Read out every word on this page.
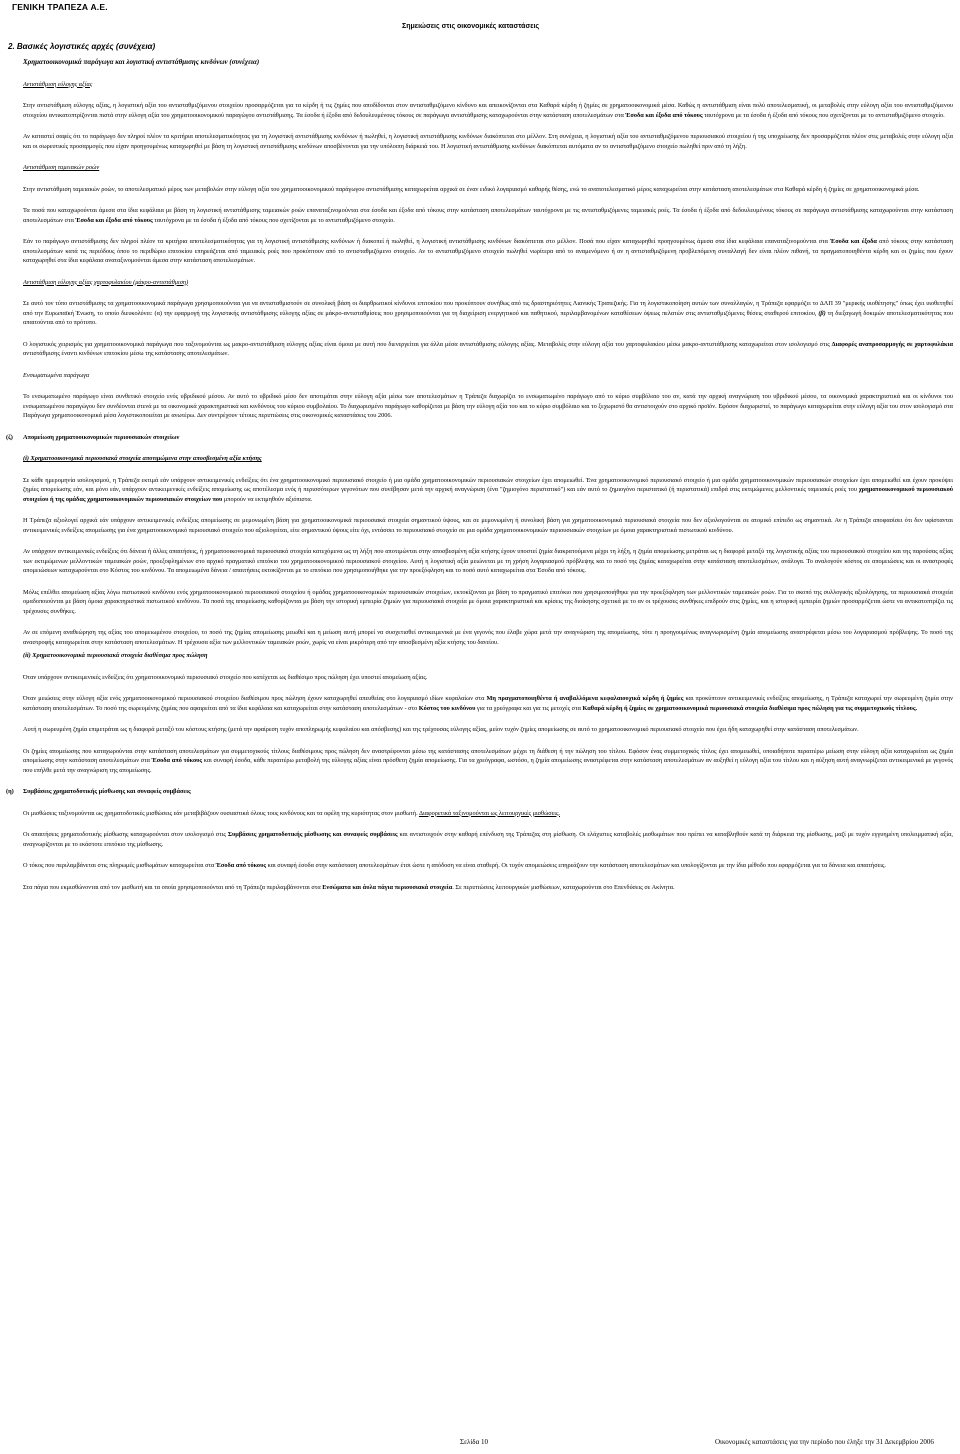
ΓΕΝΙΚΗ ΤΡΑΠΕΖΑ Α.Ε.
Σημειώσεις στις οικονομικές καταστάσεις
2. Βασικές λογιστικές αρχές (συνέχεια)

Χρηματοοικονομικά παράγωγα και λογιστική αντιστάθμισης κινδύνων (συνέχεια)

Αντιστάθμιση εύλογης αξίας

Στην αντιστάθμιση εύλογης αξίας, η λογιστική αξία του αντισταθμιζόμενου στοιχείου προσαρμόζεται για τα κέρδη ή τις ζημίες που αποδίδονται στον αντισταθμιζόμενο κίνδυνο και απεικονίζονται στα Καθαρά κέρδη ή ζημίες σε χρηματοοικονομικά μέσα. Καθώς η αντιστάθμιση είναι πολύ αποτελεσματική, οι μεταβολές στην εύλογη αξία του αντισταθμιζόμενου στοιχείου αντικατοπτρίζονται πιστά στην εύλογη αξία του χρηματοοικονομικού παραγώγου αντιστάθμισης. Τα έσοδα ή έξοδα από δεδουλευμένους τόκους σε παράγωγα αντιστάθμισης καταχωρούνται στην κατάσταση αποτελεσμάτων στα Έσοδα και έξοδα από τόκους ταυτόχρονα με τα έσοδα ή έξοδα από τόκους που σχετίζονται με το αντισταθμιζόμενο στοιχείο.

Αν καταστεί σαφές ότι το παράγωγο δεν πληροί πλέον τα κριτήρια αποτελεσματικότητας για τη λογιστική αντιστάθμισης κινδύνων ή πωληθεί, η λογιστική αντιστάθμισης κινδύνων διακόπτεται στο μέλλον. Στη συνέχεια, η λογιστική αξία του αντισταθμιζόμενου περιουσιακού στοιχείου ή της υποχρέωσης δεν προσαρμόζεται πλέον στις μεταβολές στην εύλογη αξία και οι σωρευτικές προσαρμογές που είχαν προηγουμένως καταχωρηθεί με βάση τη λογιστική αντιστάθμισης κινδύνων αποσβένονται για την υπόλοιπη διάρκειά του. Η λογιστική αντιστάθμισης κινδύνων διακόπτεται αυτόματα αν το αντισταθμιζόμενο στοιχείο πωληθεί πριν από τη λήξη.

Αντιστάθμιση ταμειακών ροών

Στην αντιστάθμιση ταμειακών ροών, το αποτελεσματικό μέρος των μεταβολών στην εύλογη αξία του χρηματοοικονομικού παράγωγου αντιστάθμισης καταχωρείται αρχικά σε έναν ειδικό λογαριασμό καθαρής θέσης, ενώ το αναποτελεσματικό μέρος καταχωρείται στην κατάσταση αποτελεσμάτων στα Καθαρά κέρδη ή ζημίες σε χρηματοοικονομικά μέσα.

Τα ποσά που καταχωρούνται άμεσα στα ίδια κεφάλαια με βάση τη λογιστική αντιστάθμισης ταμειακών ροών επαναταξινομούνται στα έσοδα και έξοδα από τόκους στην κατάσταση αποτελεσμάτων ταυτόχρονα με τις αντισταθμιζόμενες ταμειακές ροές. Τα έσοδα ή έξοδα από δεδουλευμένους τόκους σε παράγωγα αντιστάθμισης καταχωρούνται στην κατάσταση αποτελεσμάτων στα Έσοδα και έξοδα από τόκους ταυτόχρονα με τα έσοδα ή έξοδα από τόκους που σχετίζονται με το αντισταθμιζόμενο στοιχείο.

Εάν το παράγωγο αντιστάθμισης δεν πληροί πλέον τα κριτήρια αποτελεσματικότητας για τη λογιστική αντιστάθμισης κινδύνων ή διακοπεί ή πωληθεί, η λογιστική αντιστάθμισης κινδύνων διακόπτεται στο μέλλον. Ποσά που είχαν καταχωρηθεί προηγουμένως άμεσα στα ίδια κεφάλαια επαναταξινομούνται στα Έσοδα και έξοδα από τόκους στην κατάσταση αποτελεσμάτων κατά τις περιόδους όπου το περιθώριο επιτοκίου επηρεάζεται από ταμειακές ροές που προκύπτουν από το αντισταθμιζόμενο στοιχείο. Αν το αντισταθμιζόμενο στοιχείο πωληθεί νωρίτερα από το αναμενόμενο ή αν η αντισταθμιζόμενη προβλεπόμενη συναλλαγή δεν είναι πλέον πιθανή, τα πραγματοποιηθέντα κέρδη και οι ζημίες που έχουν καταχωρηθεί στα ίδια κεφάλαια αναταξινομούνται άμεσα στην κατάσταση αποτελεσμάτων.

Αντιστάθμιση εύλογης αξίας χαρτοφυλακίου (μάκρο-αντιστάθμιση)

Σε αυτό τον τύπο αντιστάθμισης τα χρηματοοικονομικά παράγωγα χρησιμοποιούνται για να αντισταθμιστούν σε συνολική βάση οι διαρθρωτικοί κίνδυνοι επιτοκίου που προκύπτουν συνήθως από τις δραστηριότητες Λιανικής Τραπεζικής. Για τη λογιστικοποίηση αυτών των συναλλαγών, η Τράπεζα εφαρμόζει το ΔΛΠ 39 "μερικής υιοθέτησης" όπως έχει υιοθετηθεί από την Ευρωπαϊκή Ένωση, το οποίο διευκολύνει: (α) την εφαρμογή της λογιστικής αντιστάθμισης εύλογης αξίας σε μάκρο-αντισταθμίσεις που χρησιμοποιούνται για τη διαχείριση ενεργητικού και παθητικού, περιλαμβανομένων καταθέσεων όψεως πελατών στις αντισταθμιζόμενες θέσεις σταθερού επιτοκίου, (β) τη διεξαγωγή δοκιμών αποτελεσματικότητας που απαιτούνται από το πρότυπο.

Ο λογιστικός χειρισμός για χρηματοοικονομικά παράγωγα που ταξινομούνται ως μακρο-αντιστάθμιση εύλογης αξίας είναι όμοια με αυτή που διενεργείται για άλλα μέσα αντιστάθμισης εύλογης αξίας. Μεταβολές στην εύλογη αξία του χαρτοφυλακίου μέσω μακρο-αντιστάθμισης καταχωρείται στον ισολογισμό στις Διαφορές αναπροσαρμογής σε χαρτοφυλάκια αντιστάθμισης έναντι κινδύνων επιτοκίου μέσω της κατάστασης αποτελεσμάτων.

Ενσωματωμένα παράγωγα

Το ενσωματωμένο παράγωγο είναι συνθετικό στοιχείο ενός υβριδικού μέσου. Αν αυτό το υβριδικό μέσο δεν αποτιμάται στην εύλογη αξία μέσω των αποτελεσμάτων η Τράπεζα διαχωρίζει το ενσωματωμένο παράγωγο από το κύριο συμβόλαιο του αν, κατά την αρχική αναγνώριση του υβριδικού μέσου, τα οικονομικά χαρακτηριστικά και οι κίνδυνοι του ενσωματωμένου παραγώγου δεν συνδέονται στενά με τα οικονομικά χαρακτηριστικά και κινδύνους του κύριου συμβολαίου. Το διαχωρισμένο παράγωγο καθορίζεται με βάση την εύλογη αξία του και το κύριο συμβόλαιο και το ξεχωριστό θα αντιστοιχούν στο αρχικό προϊόν. Εφόσον διαχωριστεί, το παράγωγο καταχωρείται στην εύλογη αξία του στον ισολογισμό στα Παράγωγα χρηματοοικονομικά μέσα λογιστικοποιείται με ανωτέρω. Δεν συντρέχουν τέτοιες περιπτώσεις στις οικονομικές καταστάσεις του 2006.

(ζ) Απομείωση χρηματοοικονομικών περιουσιακών στοιχείων

(i) Χρηματοοικονομικά περιουσιακά στοιχεία αποτιμώμενα στην αποσβεσμένη αξία κτήσης

Σε κάθε ημερομηνία ισολογισμού, η Τράπεζα εκτιμά εάν υπάρχουν αντικειμενικές ενδείξεις ότι ένα χρηματοοικονομικό περιουσιακό στοιχείο ή μια ομάδα χρηματοοικονομικών περιουσιακών στοιχείων έχει απομειωθεί. Ένα χρηματοοικονομικό περιουσιακό στοιχείο ή μια ομάδα χρηματοοικονομικών περιουσιακών στοιχείων έχει απομειωθεί και έχουν προκύψει ζημίες απομείωσης εάν, και μόνο εάν, υπάρχουν αντικειμενικές ενδείξεις απομείωσης ως αποτέλεσμα ενός ή περισσότερων γεγονότων που συνέβησαν μετά την αρχική αναγνώριση (ένα "ζημιογόνο περιστατικό") και εάν αυτό το ζημιογόνο περιστατικό (ή περιστατικά) επιδρά στις εκτιμώμενες μελλοντικές ταμειακές ροές του χρηματοοικονομικού περιουσιακού στοιχείου ή της ομάδας χρηματοοικονομικών περιουσιακών στοιχείων που μπορούν να εκτιμηθούν αξιόπιστα.

Η Τράπεζα αξιολογεί αρχικά εάν υπάρχουν αντικειμενικές ενδείξεις απομείωσης σε μεμονωμένη βάση για χρηματοοικονομικά περιουσιακά στοιχεία σημαντικού ύψους, και σε μεμονωμένη ή συνολική βάση για χρηματοοικονομικά περιουσιακά στοιχεία που δεν αξιολογούνται σε ατομικό επίπεδο ως σημαντικά. Αν η Τράπεζα αποφασίσει ότι δεν υφίστανται αντικειμενικές ενδείξεις απομείωσης για ένα χρηματοοικονομικό περιουσιακό στοιχείο που αξιολογείται, είτε σημαντικού ύψους είτε όχι, εντάσσει το περιουσιακό στοιχείο σε μια ομάδα χρηματοοικονομικών περιουσιακών στοιχείων με όμοια χαρακτηριστικά πιστωτικού κινδύνου.

Αν υπάρχουν αντικειμενικές ενδείξεις ότι δάνεια ή άλλες απαιτήσεις, ή χρηματοοικονομικά περιουσιακά στοιχεία κατεχόμενα ως τη λήξη που αποτιμώνται στην αποσβεσμένη αξία κτήσης έχουν υποστεί ζημία διακρατούμενα μέχρι τη λήξη, η ζημία απομείωσης μετράται ως η διαφορά μεταξύ της λογιστικής αξίας του περιουσιακού στοιχείου και της παρούσας αξίας των εκτιμώμενων μελλοντικών ταμειακών ροών, προεξοφλημένων στο αρχικό πραγματικό επιτόκιο του χρηματοοικονομικού περιουσιακού στοιχείου. Αυτή η λογιστική αξία μειώνεται με τη χρήση λογαριασμού πρόβλεψης και το ποσό της ζημίας καταχωρείται στην κατάσταση αποτελεσμάτων, ανάλογα. Το αναλογούν κόστος σε απομειώσεις και οι αναστροφές απομειώσεων καταχωρούνται στο Κόστος του κινδύνου. Τα απομειωμένα δάνεια / απαιτήσεις εκτοκίζονται με το επιτόκιο που χρησιμοποιήθηκε για την προεξόφληση και το ποσό αυτό καταχωρείται στα Έσοδα από τόκους.

Μόλις επέλθει απομείωση αξίας λόγω πιστωτικού κινδύνου ενός χρηματοοικονομικού περιουσιακού στοιχείου ή ομάδας χρηματοοικονομικών περιουσιακών στοιχείων, εκτοκίζονται με βάση το πραγματικό επιτόκιο που χρησιμοποιήθηκε για την προεξόφληση των μελλοντικών ταμειακών ροών. Για το σκοπό της συλλογικής αξιολόγησης, τα περιουσιακά στοιχεία ομαδοποιούνται με βάση όμοια χαρακτηριστικά πιστωτικού κινδύνου. Τα ποσά της απομείωσης καθορίζονται με βάση την ιστορική εμπειρία ζημιών για περιουσιακά στοιχεία με όμοια χαρακτηριστικά και κρίσεις της διοίκησης σχετικά με το αν οι τρέχουσες συνθήκες επιδρούν στις ζημίες, και η ιστορική εμπειρία ζημιών προσαρμόζεται ώστε να αντικατοπτρίζει τις τρέχουσες συνθήκες.

Αν σε επόμενη αναθεώρηση της αξίας του απομειωμένου στοιχείου, το ποσό της ζημίας απομείωσης μειωθεί και η μείωση αυτή μπορεί να συσχετισθεί αντικειμενικά με ένα γεγονός που έλαβε χώρα μετά την αναγνώριση της απομείωσης, τότε η προηγουμένως αναγνωρισμένη ζημία απομείωσης αναστρέφεται μέσω του λογαριασμού πρόβλεψης. Το ποσό της αναστροφής καταχωρείται στην κατάσταση αποτελεσμάτων. Η τρέχουσα αξία των μελλοντικών ταμειακών ροών, χωρίς να είναι μικρότερη από την αποσβεσμένη αξία κτήσης του δανείου.

(ii) Χρηματοοικονομικά περιουσιακά στοιχεία διαθέσιμα προς πώληση

Όταν υπάρχουν αντικειμενικές ενδείξεις ότι χρηματοοικονομικό περιουσιακό στοιχείο που κατέχεται ως διαθέσιμο προς πώληση έχει υποστεί απομείωση αξίας.

Όταν μειώσεις στην εύλογη αξία ενός χρηματοοικονομικού περιουσιακού στοιχείου διαθέσιμου προς πώληση έχουν καταχωρηθεί απευθείας στο λογαριασμό ιδίων κεφαλαίων στα Μη πραγματοποιηθέντα ή αναβαλλόμενα κεφαλαιουχικά κέρδη ή ζημίες και προκύπτουν αντικειμενικές ενδείξεις απομείωσης, η Τράπεζα καταχωρεί την σωρευμένη ζημία στην κατάσταση αποτελεσμάτων. Το ποσό της σωρευμένης ζημίας που αφαιρείται από τα ίδια κεφάλαια και καταχωρείται στην κατάσταση αποτελεσμάτων - στο Κόστος του κινδύνου για τα χρεόγραφα και για τις μετοχές στα Καθαρά κέρδη ή ζημίες σε χρηματοοικονομικά περιουσιακά στοιχεία διαθέσιμα προς πώληση για τις συμμετοχικούς τίτλους.

Αυτή η σωρευμένη ζημία επιμετράται ως η διαφορά μεταξύ του κόστους κτήσης (μετά την αφαίρεση τυχόν αποπληρωμής κεφαλαίου και απόσβεσης) και της τρέχουσας εύλογης αξίας, μείον τυχόν ζημίες απομείωσης σε αυτό το χρηματοοικονομικό περιουσιακό στοιχείο που έχει ήδη καταχωρηθεί στην κατάσταση αποτελεσμάτων.

Οι ζημίες απομείωσης που καταχωρούνται στην κατάσταση αποτελεσμάτων για συμμετοχικούς τίτλους διαθέσιμους προς πώληση δεν αναστρέφονται μέσω της κατάστασης αποτελεσμάτων μέχρι τη διάθεση ή την πώληση του τίτλου. Εφόσον ένας συμμετοχικός τίτλος έχει απομειωθεί, οποιαδήποτε περαιτέρω μείωση στην εύλογη αξία καταχωρείται ως ζημία απομείωσης στην κατάσταση αποτελεσμάτων στα Έσοδα από τόκους και συναφή έσοδα, κάθε περαιτέρω μεταβολή της εύλογης αξίας είναι πρόσθετη ζημία απομείωσης. Για τα χρεόγραφα, ωστόσο, η ζημία απομείωσης αναστρέφεται στην κατάσταση αποτελεσμάτων αν αυξηθεί η εύλογη αξία του τίτλου και η αύξηση αυτή αναγνωρίζεται αντικειμενικά με γεγονός που επήλθε μετά την αναγνώριση της απομείωσης.

(η) Συμβάσεις χρηματοδοτικής μίσθωσης και συναφείς συμβάσεις

Οι μισθώσεις ταξινομούνται ως χρηματοδοτικές μισθώσεις εάν μεταβιβάζουν ουσιαστικά όλους τους κινδύνους και τα οφέλη της κυριότητας στον μισθωτή. Διαφορετικά ταξινομούνται ως λειτουργικές μισθώσεις.

Οι απαιτήσεις χρηματοδοτικής μίσθωσης καταχωρούνται στον ισολογισμό στις Συμβάσεις χρηματοδοτικής μίσθωσης και συναφείς συμβάσεις και αντιστοιχούν στην καθαρή επένδυση της Τράπεζας στη μίσθωση. Οι ελάχιστες καταβολές μισθωμάτων που πρέπει να καταβληθούν κατά τη διάρκεια της μίσθωσης, μαζί με τυχόν εγγυημένη υπολειμματική αξία, αναγνωρίζονται με το εκάστοτε επιτόκιο της μίσθωσης.

Ο τόκος που περιλαμβάνεται στις πληρωμές μισθωμάτων καταχωρείται στα Έσοδα από τόκους και συναφή έσοδα στην κατάσταση αποτελεσμάτων έτσι ώστε η απόδοση να είναι σταθερή. Οι τυχόν απομειώσεις επηρεάζουν την κατάσταση αποτελεσμάτων και υπολογίζονται με την ίδια μέθοδο που εφαρμόζεται για τα δάνεια και απαιτήσεις.

Στα πάγια που εκμισθώνονται από τον μισθωτή και τα οποία χρησιμοποιούνται από τη Τράπεζα περιλαμβάνονται στα Ενσώματα και άυλα πάγια περιουσιακά στοιχεία. Σε περιπτώσεις λειτουργικών μισθώσεων, καταχωρούνται στο Επενδύσεις σε Ακίνητα.

Σελίδα 10	Οικονομικές καταστάσεις για την περίοδο που έληξε την 31 Δεκεμβρίου 2006
